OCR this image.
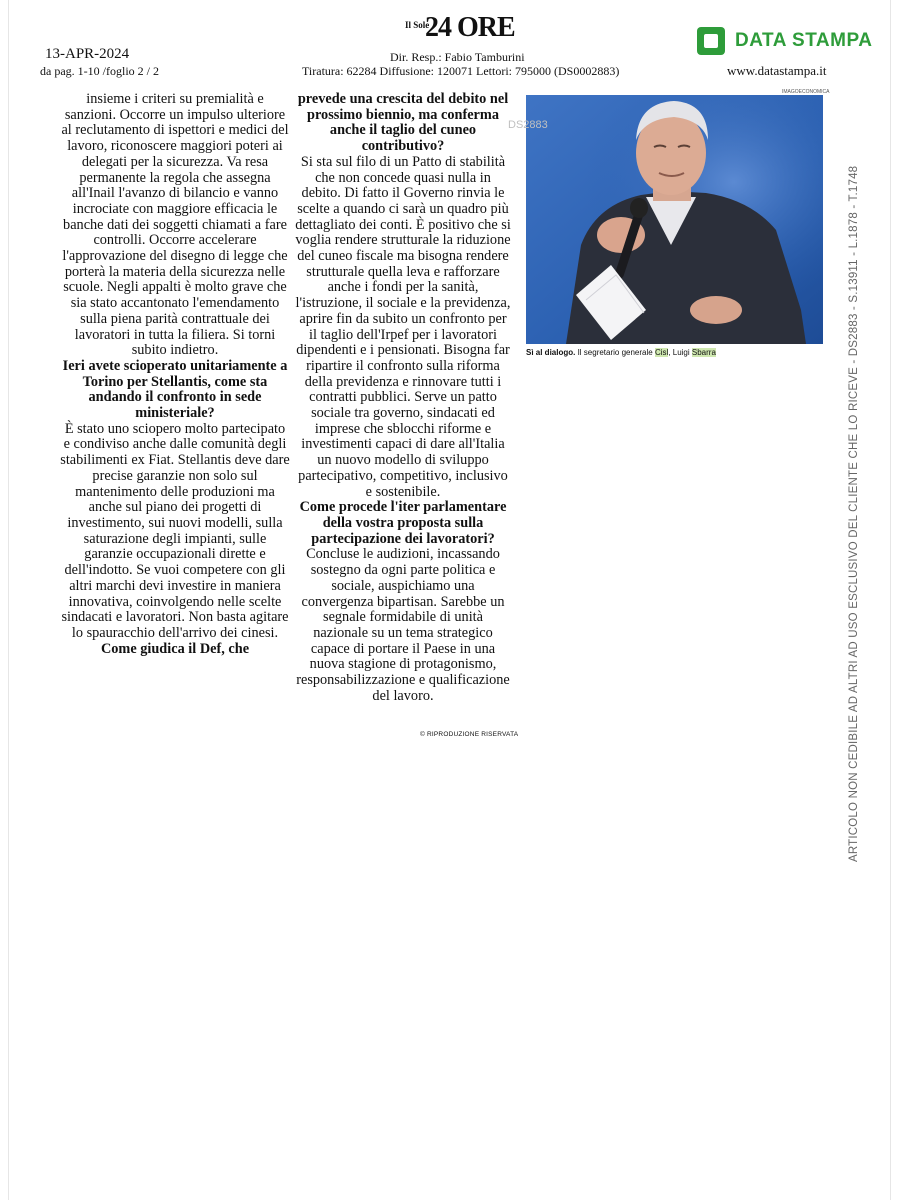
13-APR-2024
da pag. 1-10 /foglio 2 / 2
Il Sole
24 ORE
Dir. Resp.: Fabio Tamburini
Tiratura: 62284 Diffusione: 120071 Lettori: 795000 (DS0002883)
DATA STAMPA
www.datastampa.it

insieme i criteri su premialità e sanzioni. Occorre un impulso ulteriore al reclutamento di ispettori e medici del lavoro, riconoscere maggiori poteri ai delegati per la sicurezza. Va resa permanente la regola che assegna all'Inail l'avanzo di bilancio e vanno incrociate con maggiore efficacia le banche dati dei soggetti chiamati a fare controlli. Occorre accelerare l'approvazione del disegno di legge che porterà la materia della sicurezza nelle scuole. Negli appalti è molto grave che sia stato accantonato l'emendamento sulla piena parità contrattuale dei lavoratori in tutta la filiera. Si torni subito indietro.

Ieri avete scioperato unitariamente a Torino per Stellantis, come sta andando il confronto in sede ministeriale?

È stato uno sciopero molto partecipato e condiviso anche dalle comunità degli stabilimenti ex Fiat. Stellantis deve dare precise garanzie non solo sul mantenimento delle produzioni ma anche sul piano dei progetti di investimento, sui nuovi modelli, sulla saturazione degli impianti, sulle garanzie occupazionali dirette e dell'indotto. Se vuoi competere con gli altri marchi devi investire in maniera innovativa, coinvolgendo nelle scelte sindacati e lavoratori. Non basta agitare lo spauracchio dell'arrivo dei cinesi.

Come giudica il Def, che

prevede una crescita del debito nel prossimo biennio, ma conferma anche il taglio del cuneo contributivo?

Si sta sul filo di un Patto di stabilità che non concede quasi nulla in debito. Di fatto il Governo rinvia le scelte a quando ci sarà un quadro più dettagliato dei conti. È positivo che si voglia rendere strutturale la riduzione del cuneo fiscale ma bisogna rendere strutturale quella leva e rafforzare anche i fondi per la sanità, l'istruzione, il sociale e la previdenza, aprire fin da subito un confronto per il taglio dell'Irpef per i lavoratori dipendenti e i pensionati. Bisogna far ripartire il confronto sulla riforma della previdenza e rinnovare tutti i contratti pubblici. Serve un patto sociale tra governo, sindacati ed imprese che sblocchi riforme e investimenti capaci di dare all'Italia un nuovo modello di sviluppo partecipativo, competitivo, inclusivo e sostenibile.

Come procede l'iter parlamentare della vostra proposta sulla partecipazione dei lavoratori?

Concluse le audizioni, incassando sostegno da ogni parte politica e sociale, auspichiamo una convergenza bipartisan. Sarebbe un segnale formidabile di unità nazionale su un tema strategico capace di portare il Paese in una nuova stagione di protagonismo, responsabilizzazione e qualificazione del lavoro.

© RIPRODUZIONE RISERVATA
IMAGOECONOMICA
DS2883
Sì al dialogo. Il segretario generale Cisl, Luigi Sbarra	ARTICOLO NON CEDIBILE AD ALTRI AD USO ESCLUSIVO DEL CLIENTE CHE LO RICEVE - DS2883 - S.13911 - L.1878 - T.1748
